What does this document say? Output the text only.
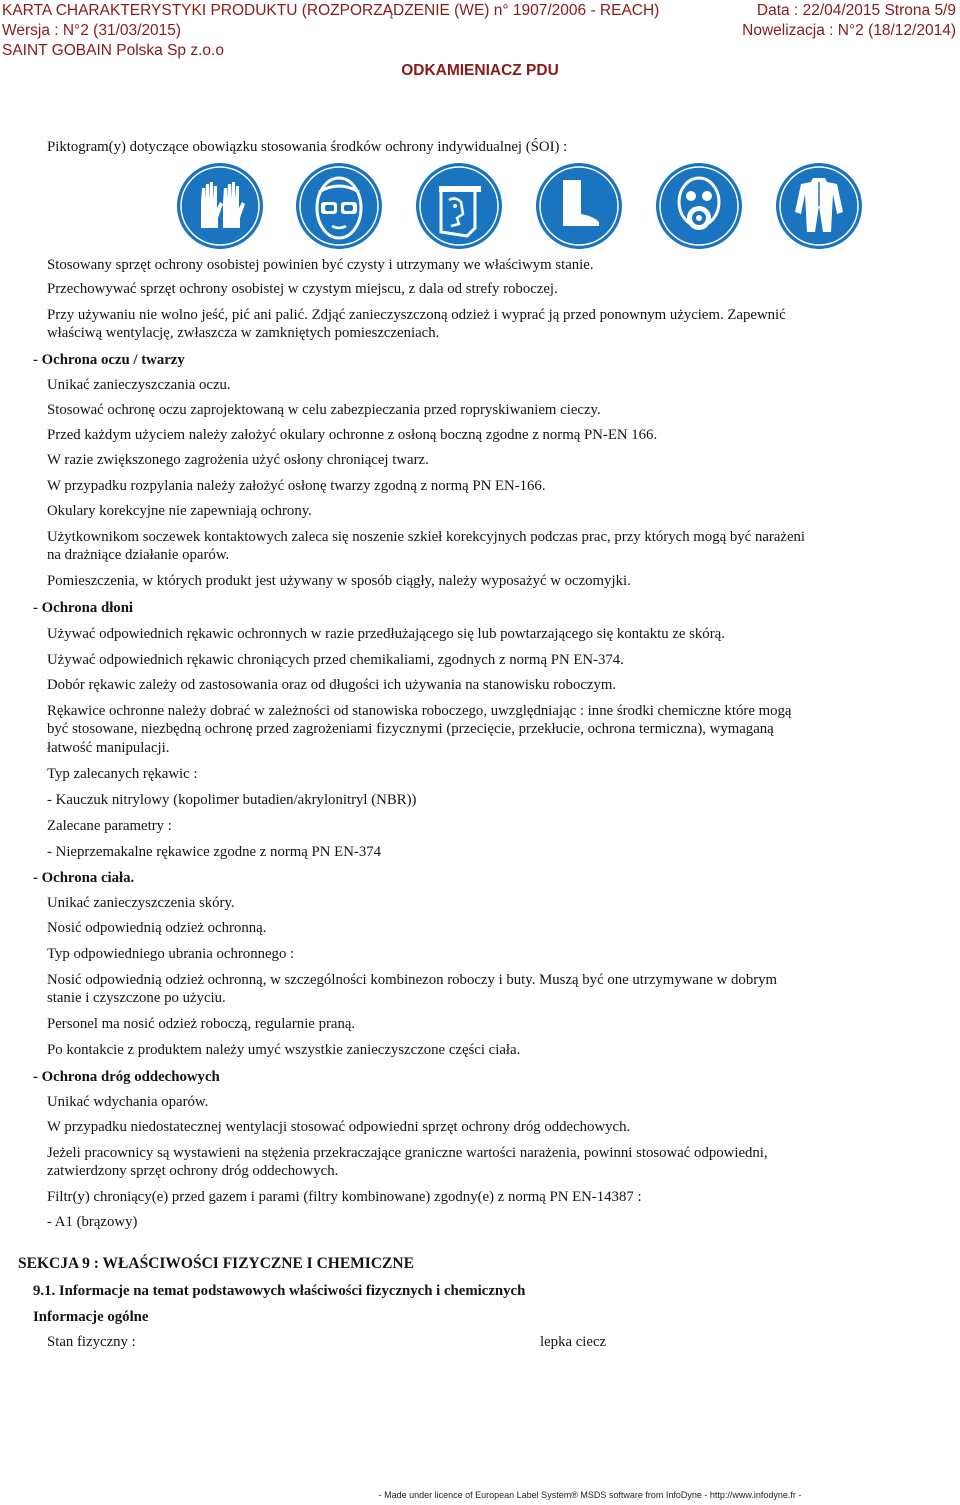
KARTA CHARAKTERYSTYKI PRODUKTU (ROZPORZĄDZENIE (WE) n° 1907/2006 - REACH)	Data : 22/04/2015 Strona 5/9
Wersja : N°2 (31/03/2015)	Nowelizacja : N°2 (18/12/2014)
SAINT GOBAIN Polska Sp z.o.o
ODKAMIENIACZ PDU
Piktogram(y) dotyczące obowiązku stosowania środków ochrony indywidualnej (ŚOI) :
Stosowany sprzęt ochrony osobistej powinien być czysty i utrzymany we właściwym stanie.
Przechowywać sprzęt ochrony osobistej w czystym miejscu, z dala od strefy roboczej.
Przy używaniu nie wolno jeść, pić ani palić. Zdjąć zanieczyszczoną odzież i wyprać ją przed ponownym użyciem. Zapewnić
właściwą wentylację, zwłaszcza w zamkniętych pomieszczeniach.
- Ochrona oczu / twarzy
Unikać zanieczyszczania oczu.
Stosować ochronę oczu zaprojektowaną w celu zabezpieczania przed ropryskiwaniem cieczy.
Przed każdym użyciem należy założyć okulary ochronne z osłoną boczną zgodne z normą PN-EN 166.
W razie zwiększonego zagrożenia użyć osłony chroniącej twarz.
W przypadku rozpylania należy założyć osłonę twarzy zgodną z normą PN EN-166.
Okulary korekcyjne nie zapewniają ochrony.
Użytkownikom soczewek kontaktowych zaleca się noszenie szkieł korekcyjnych podczas prac, przy których mogą być narażeni
na drażniące działanie oparów.
Pomieszczenia, w których produkt jest używany w sposób ciągły, należy wyposażyć w oczomyjki.
- Ochrona dłoni
Używać odpowiednich rękawic ochronnych w razie przedłużającego się lub powtarzającego się kontaktu ze skórą.
Używać odpowiednich rękawic chroniących przed chemikaliami, zgodnych z normą PN EN-374.
Dobór rękawic zależy od zastosowania oraz od długości ich używania na stanowisku roboczym.
Rękawice ochronne należy dobrać w zależności od stanowiska roboczego, uwzględniając : inne środki chemiczne które mogą
być stosowane, niezbędną ochronę przed zagrożeniami fizycznymi (przecięcie, przekłucie, ochrona termiczna), wymaganą
łatwość manipulacji.
Typ zalecanych rękawic :
- Kauczuk nitrylowy (kopolimer butadien/akrylonitryl (NBR))
Zalecane parametry :
- Nieprzemakalne rękawice zgodne z normą PN EN-374
- Ochrona ciała.
Unikać zanieczyszczenia skóry.
Nosić odpowiednią odzież ochronną.
Typ odpowiedniego ubrania ochronnego :
Nosić odpowiednią odzież ochronną, w szczególności kombinezon roboczy i buty. Muszą być one utrzymywane w dobrym
stanie i czyszczone po użyciu.
Personel ma nosić odzież roboczą, regularnie praną.
Po kontakcie z produktem należy umyć wszystkie zanieczyszczone części ciała.
- Ochrona dróg oddechowych
Unikać wdychania oparów.
W przypadku niedostatecznej wentylacji stosować odpowiedni sprzęt ochrony dróg oddechowych.
Jeżeli pracownicy są wystawieni na stężenia przekraczające graniczne wartości narażenia, powinni stosować odpowiedni,
zatwierdzony sprzęt ochrony dróg oddechowych.
Filtr(y) chroniący(e) przed gazem i parami (filtry kombinowane) zgodny(e) z normą PN EN-14387 :
- A1 (brązowy)
SEKCJA 9 : WŁAŚCIWOŚCI FIZYCZNE I CHEMICZNE
9.1. Informacje na temat podstawowych właściwości fizycznych i chemicznych
Informacje ogólne
Stan fizyczny :	lepka ciecz
- Made under licence of European Label System® MSDS software from InfoDyne - http://www.infodyne.fr -
